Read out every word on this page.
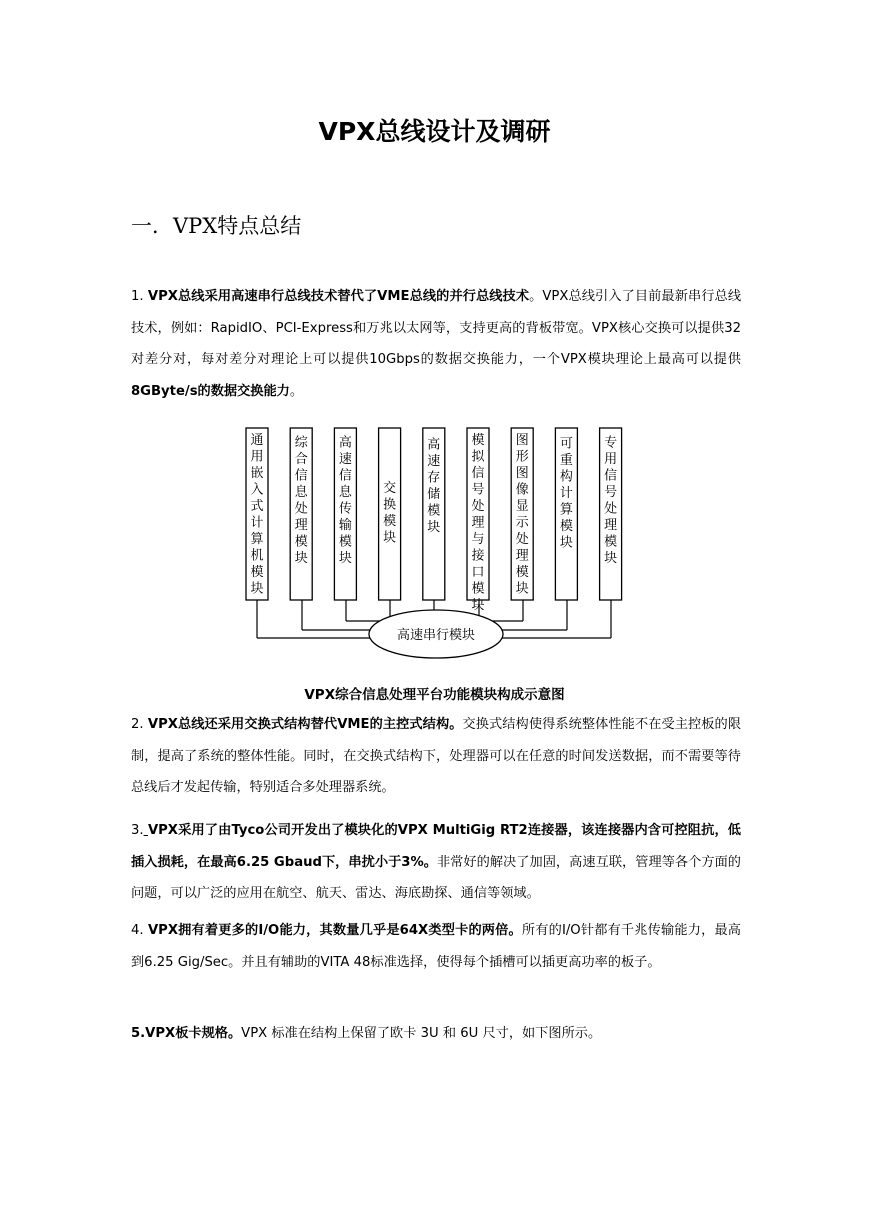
VPX总线设计及调研
一．VPX特点总结

1. VPX总线采用高速串行总线技术替代了VME总线的并行总线技术。VPX总线引入了目前最新串行总线技术，例如：RapidIO、PCI-Express和万兆以太网等，支持更高的背板带宽。VPX核心交换可以提供32对差分对，每对差分对理论上可以提供10Gbps的数据交换能力，一个VPX模块理论上最高可以提供8GByte/s的数据交换能力。

通
用
嵌
入
式
计
算
机
模
块
综
合
信
息
处
理
模
块
高
速
信
息
传
输
模
块
交
换
模
块
高
速
存
储
模
块
模
拟
信
号
处
理
与
接
口
模
块
图
形
图
像
显
示
处
理
模
块
可
重
构
计
算
模
块
专
用
信
号
处
理
模
块
高速串行模块

VPX综合信息处理平台功能模块构成示意图

2. VPX总线还采用交换式结构替代VME的主控式结构。交换式结构使得系统整体性能不在受主控板的限制，提高了系统的整体性能。同时，在交换式结构下，处理器可以在任意的时间发送数据，而不需要等待总线后才发起传输，特别适合多处理器系统。

3. VPX采用了由Tyco公司开发出了模块化的VPX MultiGig RT2连接器，该连接器内含可控阻抗，低插入损耗，在最高6.25 Gbaud下，串扰小于3%。非常好的解决了加固，高速互联，管理等各个方面的问题，可以广泛的应用在航空、航天、雷达、海底勘探、通信等领域。

4. VPX拥有着更多的I/O能力，其数量几乎是64X类型卡的两倍。所有的I/O针都有千兆传输能力，最高到6.25 Gig/Sec。并且有辅助的VITA 48标准选择，使得每个插槽可以插更高功率的板子。

5.VPX板卡规格。VPX 标准在结构上保留了欧卡 3U 和 6U 尺寸，如下图所示。
